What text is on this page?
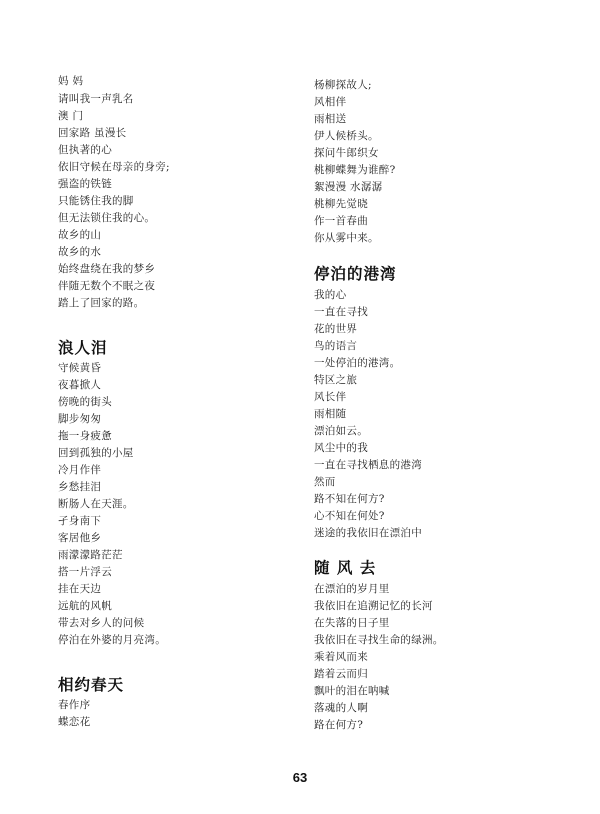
妈 妈
请叫我一声乳名
澳 门
回家路 虽漫长
但执著的心
依旧守候在母亲的身旁;
强盗的铁链
只能锈住我的脚
但无法锁住我的心。
故乡的山
故乡的水
始终盘绕在我的梦乡
伴随无数个不眠之夜
踏上了回家的路。
浪人泪
守候黄昏
夜暮掀人
傍晚的街头
脚步匆匆
拖一身疲惫
回到孤独的小屋
冷月作伴
乡愁挂泪
断肠人在天涯。
孑身南下
客居他乡
雨濛濛路茫茫
搭一片浮云
挂在天边
远航的风帆
带去对乡人的问候
停泊在外婆的月亮湾。
相约春天
春作序
蝶恋花
杨柳探故人;
风相伴
雨相送
伊人候桥头。
探问牛郎织女
桃柳蝶舞为谁醉?
絮漫漫 水潺潺
桃柳先觉晓
作一首春曲
你从雾中来。
停泊的港湾
我的心
一直在寻找
花的世界
鸟的语言
一处停泊的港湾。
特区之旅
风长伴
雨相随
漂泊如云。
风尘中的我
一直在寻找栖息的港湾
然而
路不知在何方?
心不知在何处?
迷途的我依旧在漂泊中
随 风 去
在漂泊的岁月里
我依旧在追溯记忆的长河
在失落的日子里
我依旧在寻找生命的绿洲。
乘着风而来
踏着云而归
飘叶的泪在呐喊
落魂的人啊
路在何方?
63
